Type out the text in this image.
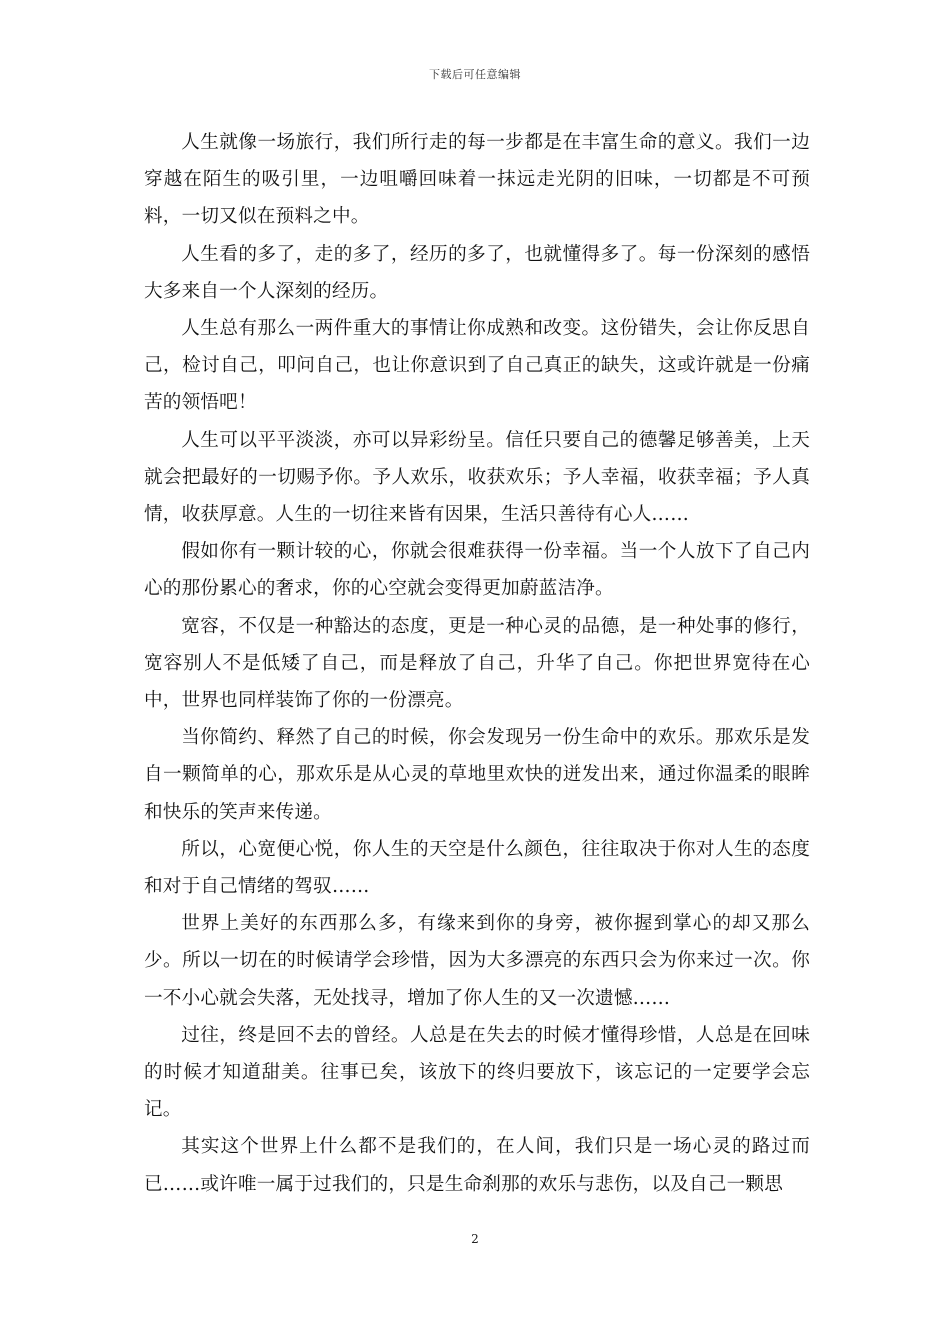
下载后可任意编辑

人生就像一场旅行，我们所行走的每一步都是在丰富生命的意义。我们一边穿越在陌生的吸引里，一边咀嚼回味着一抹远走光阴的旧味，一切都是不可预料，一切又似在预料之中。

人生看的多了，走的多了，经历的多了，也就懂得多了。每一份深刻的感悟大多来自一个人深刻的经历。

人生总有那么一两件重大的事情让你成熟和改变。这份错失，会让你反思自己，检讨自己，叩问自己，也让你意识到了自己真正的缺失，这或许就是一份痛苦的领悟吧！

人生可以平平淡淡，亦可以异彩纷呈。信任只要自己的德馨足够善美，上天就会把最好的一切赐予你。予人欢乐，收获欢乐；予人幸福，收获幸福；予人真情，收获厚意。人生的一切往来皆有因果，生活只善待有心人……

假如你有一颗计较的心，你就会很难获得一份幸福。当一个人放下了自己内心的那份累心的奢求，你的心空就会变得更加蔚蓝洁净。

宽容，不仅是一种豁达的态度，更是一种心灵的品德，是一种处事的修行，宽容别人不是低矮了自己，而是释放了自己，升华了自己。你把世界宽待在心中，世界也同样装饰了你的一份漂亮。

当你简约、释然了自己的时候，你会发现另一份生命中的欢乐。那欢乐是发自一颗简单的心，那欢乐是从心灵的草地里欢快的迸发出来，通过你温柔的眼眸和快乐的笑声来传递。

所以，心宽便心悦，你人生的天空是什么颜色，往往取决于你对人生的态度和对于自己情绪的驾驭……

世界上美好的东西那么多，有缘来到你的身旁，被你握到掌心的却又那么少。所以一切在的时候请学会珍惜，因为大多漂亮的东西只会为你来过一次。你一不小心就会失落，无处找寻，增加了你人生的又一次遗憾……

过往，终是回不去的曾经。人总是在失去的时候才懂得珍惜，人总是在回味的时候才知道甜美。往事已矣，该放下的终归要放下，该忘记的一定要学会忘记。

其实这个世界上什么都不是我们的，在人间，我们只是一场心灵的路过而已……或许唯一属于过我们的，只是生命刹那的欢乐与悲伤，以及自己一颗思

2
